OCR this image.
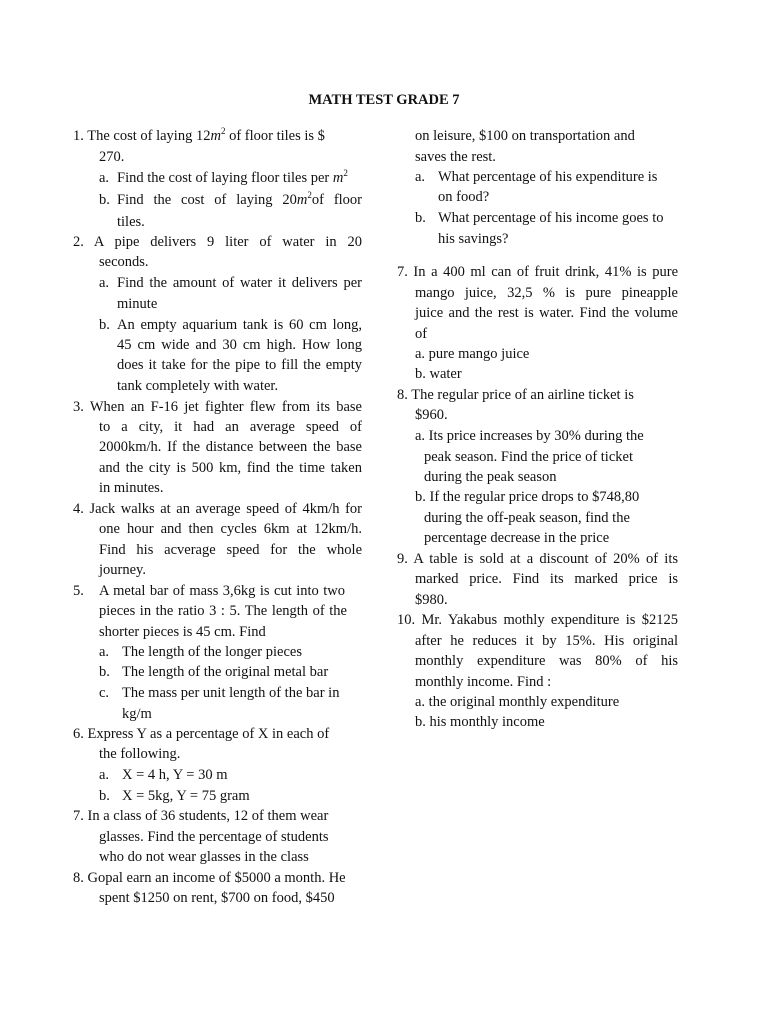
MATH TEST GRADE 7
1. The cost of laying $12m^2$ of floor tiles is $
270.
a. Find the cost of laying floor tiles per $m^2$
b. Find the cost of laying $20m^2of$ floor
tiles.
2. A pipe delivers 9 liter of water in 20
seconds.
a. Find the amount of water it delivers per
minute
b. An empty aquarium tank is 60 cm long,
45 cm wide and 30 cm high. How long
does it take for the pipe to fill the empty
tank completely with water.
3. When an F-16 jet fighter flew from its base
to a city, it had an average speed of
2000km/h. If the distance between the base
and the city is 500 km, find the time taken
in minutes.
4. Jack walks at an average speed of 4km/h for
one hour and then cycles 6km at 12km/h.
Find his acverage speed for the whole
journey.
5. A metal bar of mass 3,6kg is cut into two
pieces in the ratio 3 : 5. The length of the
shorter pieces is 45 cm. Find
a. The length of the longer pieces
b. The length of the original metal bar
c. The mass per unit length of the bar in
kg/m
6. Express Y as a percentage of X in each of
the following.
a. X = 4 h, Y = 30 m
b. X = 5kg, Y = 75 gram
7. In a class of 36 students, 12 of them wear
glasses. Find the percentage of students
who do not wear glasses in the class
8. Gopal earn an income of $5000 a month. He
spent $1250 on rent, $700 on food, $450
on leisure, $100 on transportation and
saves the rest.
a. What percentage of his expenditure is
on food?
b. What percentage of his income goes to
his savings?
7. In a 400 ml can of fruit drink, 41% is pure
mango juice, 32,5 % is pure pineapple
juice and the rest is water. Find the volume
of
a. pure mango juice
b. water
8. The regular price of an airline ticket is
$960.
a. Its price increases by 30% during the
peak season. Find the price of ticket
during the peak season
b. If the regular price drops to $748,80
during the off-peak season, find the
percentage decrease in the price
9. A table is sold at a discount of 20% of its
marked price. Find its marked price is
$980.
10. Mr. Yakabus mothly expenditure is $2125
after he reduces it by 15%. His original
monthly expenditure was 80% of his
monthly income. Find :
a. the original monthly expenditure
b. his monthly income
